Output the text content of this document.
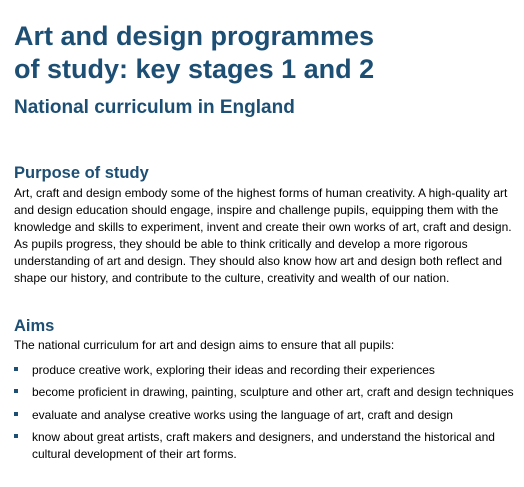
Art and design programmes
of study: key stages 1 and 2
National curriculum in England
Purpose of study

Art, craft and design embody some of the highest forms of human creativity. A high-quality art and design education should engage, inspire and challenge pupils, equipping them with the knowledge and skills to experiment, invent and create their own works of art, craft and design. As pupils progress, they should be able to think critically and develop a more rigorous understanding of art and design. They should also know how art and design both reflect and shape our history, and contribute to the culture, creativity and wealth of our nation.

Aims

The national curriculum for art and design aims to ensure that all pupils:

produce creative work, exploring their ideas and recording their experiences
become proficient in drawing, painting, sculpture and other art, craft and design techniques
evaluate and analyse creative works using the language of art, craft and design
know about great artists, craft makers and designers, and understand the historical and cultural development of their art forms.
